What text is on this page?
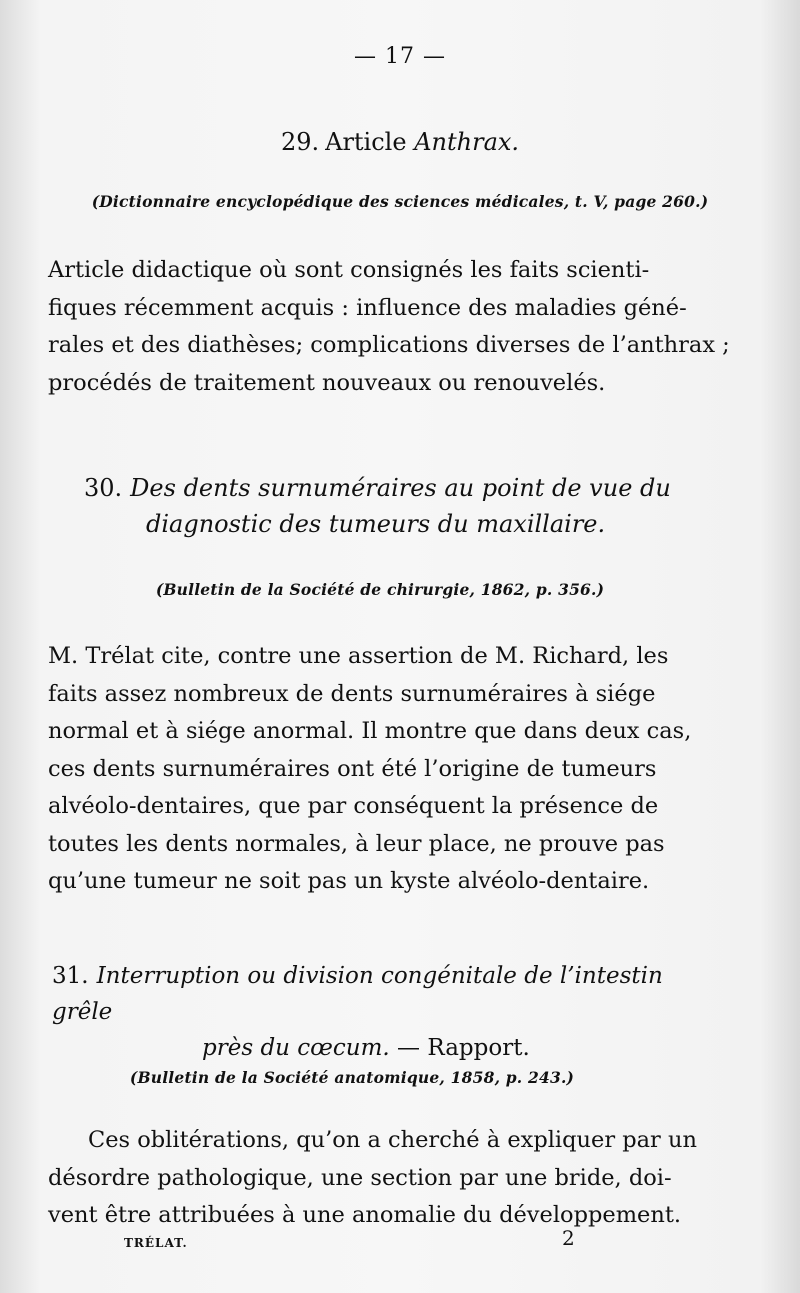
— 17 —
29. Article Anthrax.
(Dictionnaire encyclopédique des sciences médicales, t. V, page 260.)
Article didactique où sont consignés les faits scienti-
fiques récemment acquis : influence des maladies géné-
rales et des diathèses; complications diverses de l’anthrax ;
procédés de traitement nouveaux ou renouvelés.
30. Des dents surnuméraires au point de vue du
diagnostic des tumeurs du maxillaire.
(Bulletin de la Société de chirurgie, 1862, p. 356.)
M. Trélat cite, contre une assertion de M. Richard, les
faits assez nombreux de dents surnuméraires à siége
normal et à siége anormal. Il montre que dans deux cas,
ces dents surnuméraires ont été l’origine de tumeurs
alvéolo-dentaires, que par conséquent la présence de
toutes les dents normales, à leur place, ne prouve pas
qu’une tumeur ne soit pas un kyste alvéolo-dentaire.
31. Interruption ou division congénitale de l’intestin grêle
près du cœcum. — Rapport.
(Bulletin de la Société anatomique, 1858, p. 243.)
Ces oblitérations, qu’on a cherché à expliquer par un
désordre pathologique, une section par une bride, doi-
vent être attribuées à une anomalie du développement.
TRÉLAT.	2
